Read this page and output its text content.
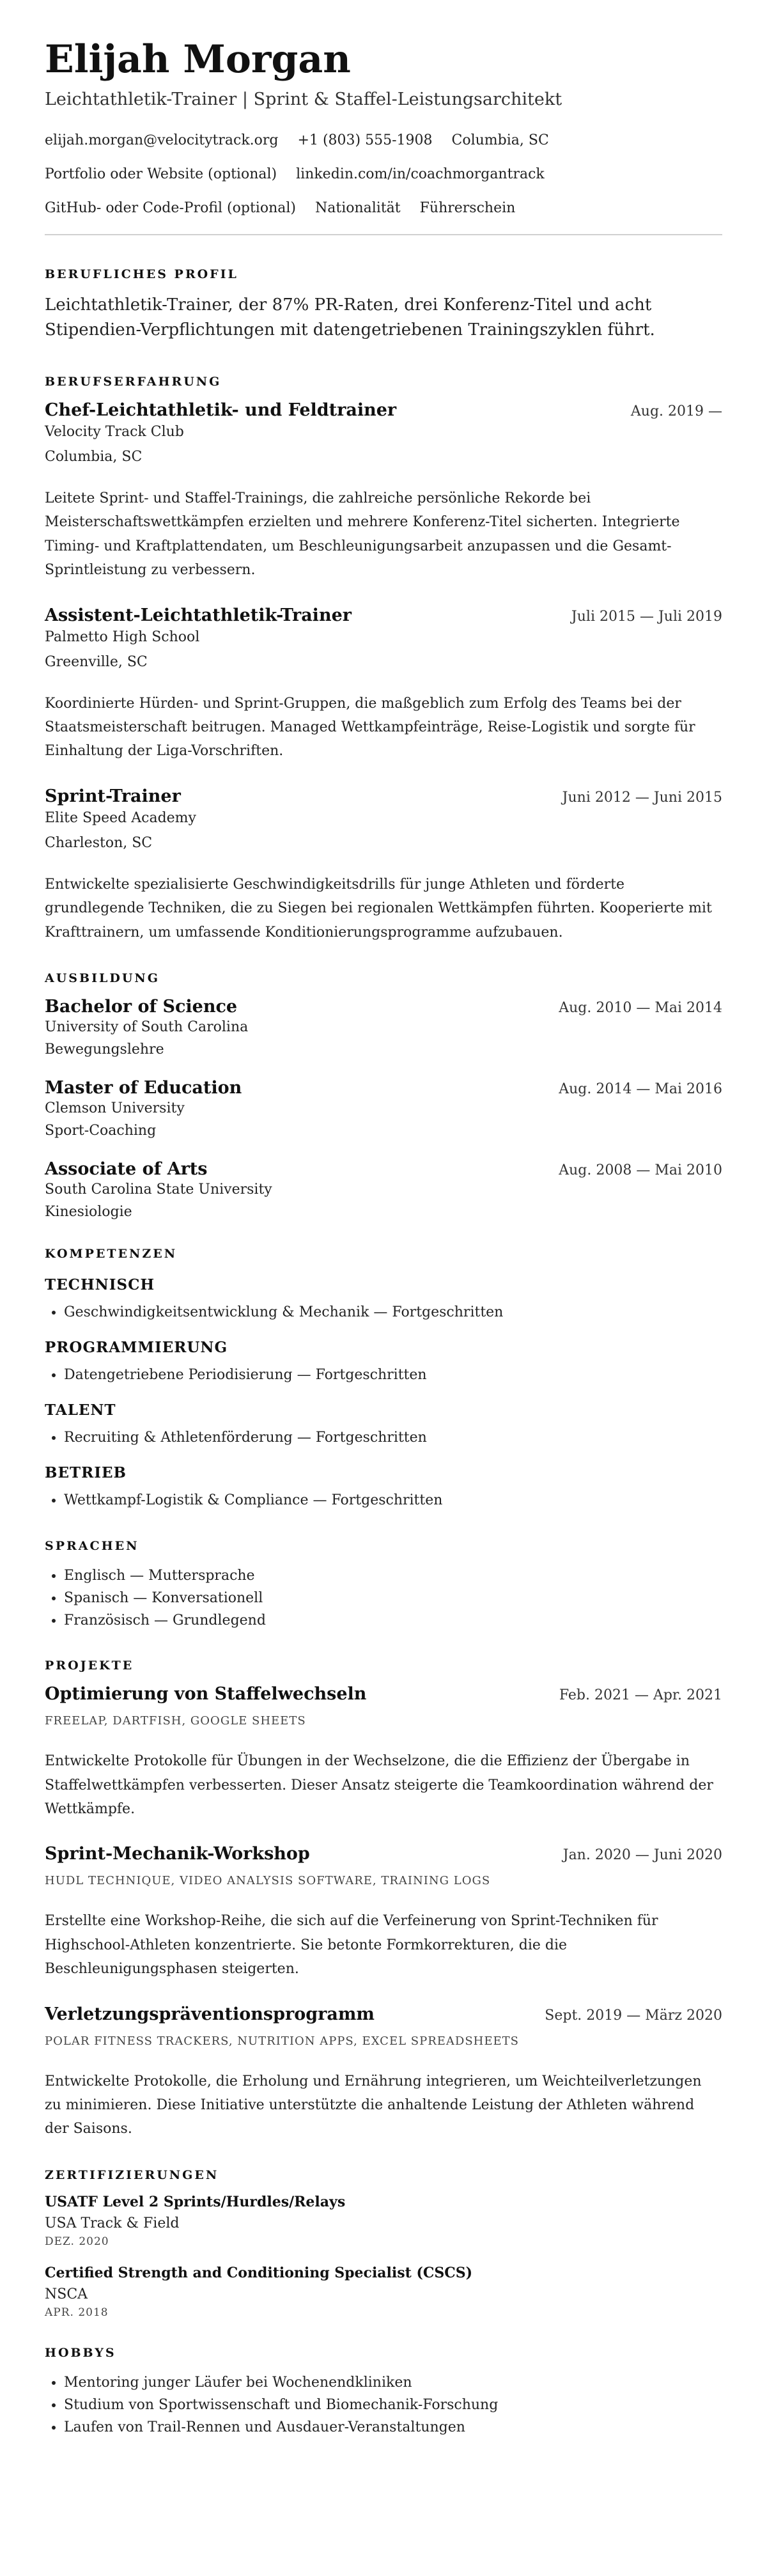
Elijah Morgan
Leichtathletik-Trainer | Sprint & Staffel-Leistungsarchitekt
elijah.morgan@velocitytrack.org +1 (803) 555-1908 Columbia, SC
Portfolio oder Website (optional) linkedin.com/in/coachmorgantrack
GitHub- oder Code-Profil (optional) Nationalität Führerschein
BERUFLICHES PROFIL

Leichtathletik-Trainer, der 87% PR-Raten, drei Konferenz-Titel und acht Stipendien-Verpflichtungen mit datengetriebenen Trainingszyklen führt.

BERUFSERFAHRUNG
Chef-Leichtathletik- und Feldtrainer	Aug. 2019 —
Velocity Track Club
Columbia, SC
Leitete Sprint- und Staffel-Trainings, die zahlreiche persönliche Rekorde bei Meisterschaftswettkämpfen erzielten und mehrere Konferenz-Titel sicherten. Integrierte Timing- und Kraftplattendaten, um Beschleunigungsarbeit anzupassen und die Gesamt-Sprintleistung zu verbessern.
Assistent-Leichtathletik-Trainer	Juli 2015 — Juli 2019
Palmetto High School
Greenville, SC
Koordinierte Hürden- und Sprint-Gruppen, die maßgeblich zum Erfolg des Teams bei der Staatsmeisterschaft beitrugen. Managed Wettkampfeinträge, Reise-Logistik und sorgte für Einhaltung der Liga-Vorschriften.
Sprint-Trainer	Juni 2012 — Juni 2015
Elite Speed Academy
Charleston, SC
Entwickelte spezialisierte Geschwindigkeitsdrills für junge Athleten und förderte grundlegende Techniken, die zu Siegen bei regionalen Wettkämpfen führten. Kooperierte mit Krafttrainern, um umfassende Konditionierungsprogramme aufzubauen.
AUSBILDUNG
Bachelor of Science	Aug. 2010 — Mai 2014
University of South Carolina
Bewegungslehre
Master of Education	Aug. 2014 — Mai 2016
Clemson University
Sport-Coaching
Associate of Arts	Aug. 2008 — Mai 2010
South Carolina State University
Kinesiologie
KOMPETENZEN
TECHNISCH
• Geschwindigkeitsentwicklung & Mechanik — Fortgeschritten
PROGRAMMIERUNG
• Datengetriebene Periodisierung — Fortgeschritten
TALENT
• Recruiting & Athletenförderung — Fortgeschritten
BETRIEB
• Wettkampf-Logistik & Compliance — Fortgeschritten
SPRACHEN
• Englisch — Muttersprache
• Spanisch — Konversationell
• Französisch — Grundlegend
PROJEKTE
Optimierung von Staffelwechseln	Feb. 2021 — Apr. 2021
FREELAP, DARTFISH, GOOGLE SHEETS
Entwickelte Protokolle für Übungen in der Wechselzone, die die Effizienz der Übergabe in Staffelwettkämpfen verbesserten. Dieser Ansatz steigerte die Teamkoordination während der Wettkämpfe.
Sprint-Mechanik-Workshop	Jan. 2020 — Juni 2020
HUDL TECHNIQUE, VIDEO ANALYSIS SOFTWARE, TRAINING LOGS
Erstellte eine Workshop-Reihe, die sich auf die Verfeinerung von Sprint-Techniken für Highschool-Athleten konzentrierte. Sie betonte Formkorrekturen, die die Beschleunigungsphasen steigerten.
Verletzungspräventionsprogramm	Sept. 2019 — März 2020
POLAR FITNESS TRACKERS, NUTRITION APPS, EXCEL SPREADSHEETS
Entwickelte Protokolle, die Erholung und Ernährung integrieren, um Weichteilverletzungen zu minimieren. Diese Initiative unterstützte die anhaltende Leistung der Athleten während der Saisons.
ZERTIFIZIERUNGEN
USATF Level 2 Sprints/Hurdles/Relays
USA Track & Field
DEZ. 2020
Certified Strength and Conditioning Specialist (CSCS)
NSCA
APR. 2018
HOBBYS
• Mentoring junger Läufer bei Wochenendkliniken
• Studium von Sportwissenschaft und Biomechanik-Forschung
• Laufen von Trail-Rennen und Ausdauer-Veranstaltungen
